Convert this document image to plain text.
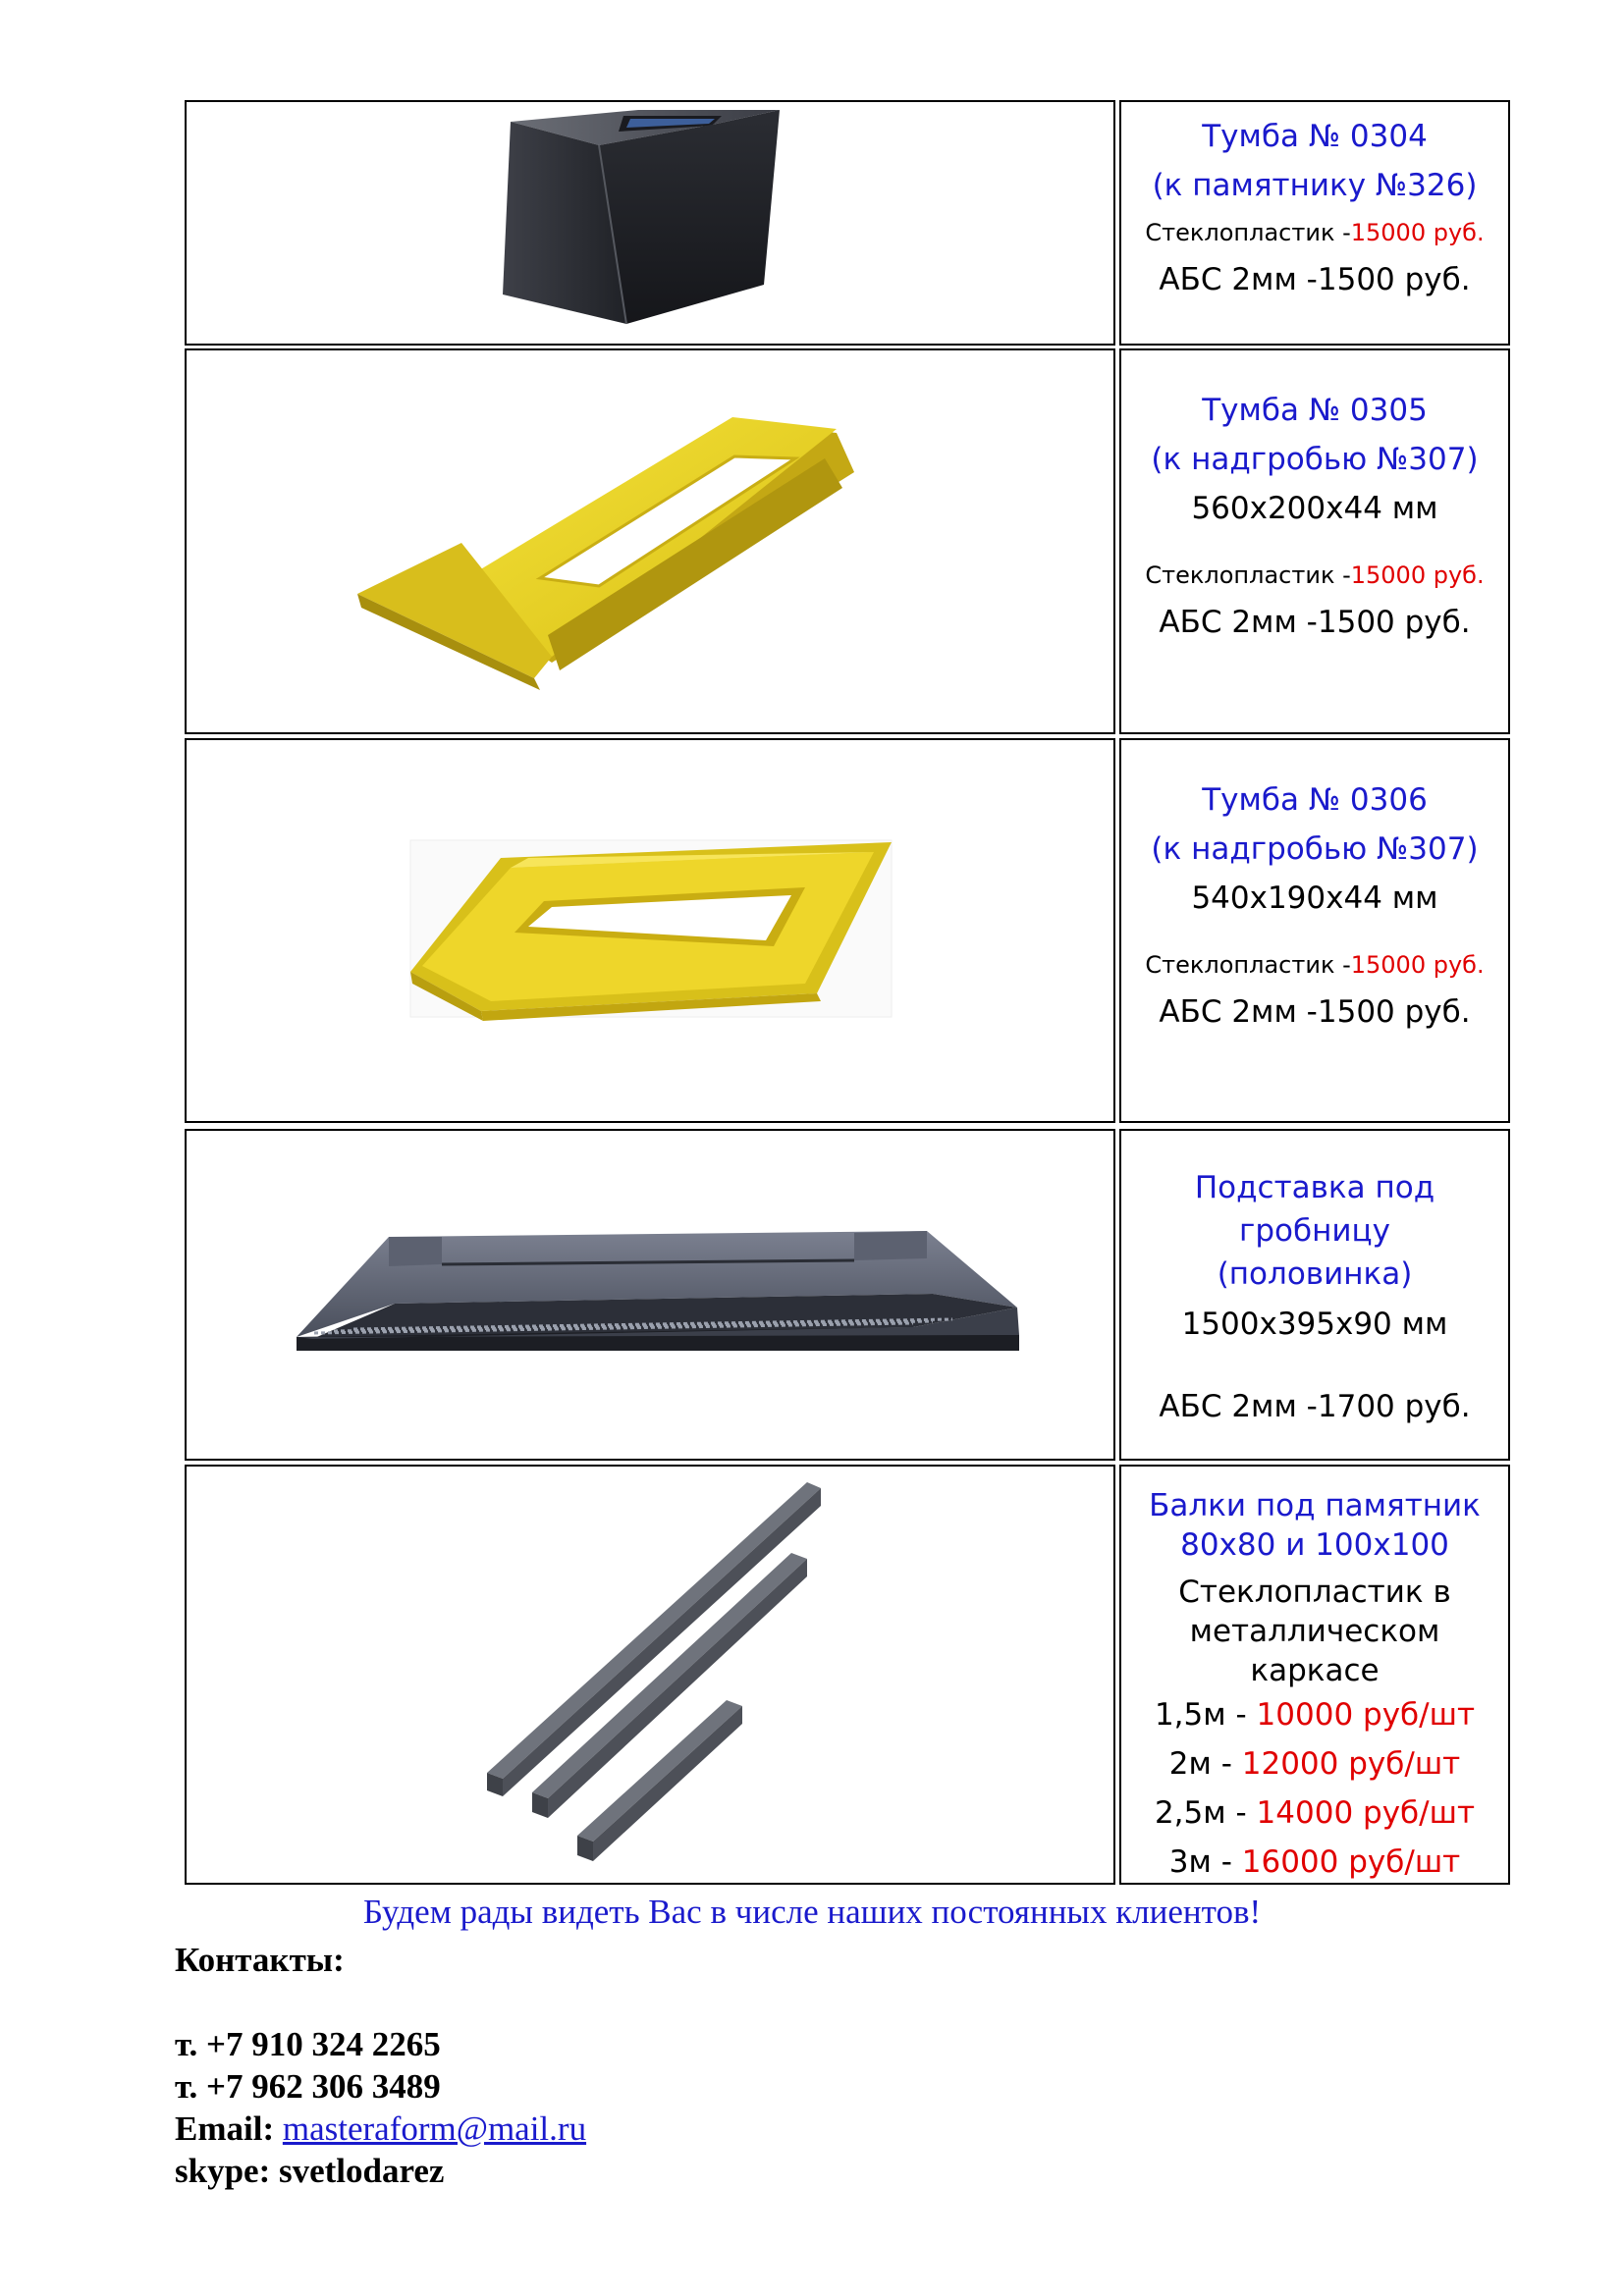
Тумба № 0304
(к памятнику №326)
Стеклопластик -15000 руб.
АБС 2мм -1500 руб.
Тумба № 0305
(к надгробью №307)
560х200х44 мм
Стеклопластик -15000 руб.
АБС 2мм -1500 руб.
Тумба № 0306
(к надгробью №307)
540х190х44 мм
Стеклопластик -15000 руб.
АБС 2мм -1500 руб.
Подставка под гробницу
(половинка)
1500х395х90 мм
АБС 2мм -1700 руб.
Балки под памятник
80х80 и 100х100
Стеклопластик в
металлическом каркасе
1,5м - 10000 руб/шт
2м - 12000 руб/шт
2,5м - 14000 руб/шт
3м - 16000 руб/шт
Будем рады видеть Вас в числе наших постоянных клиентов!
Контакты:
т. +7 910 324 2265
т. +7 962 306 3489
Email: masteraform@mail.ru
skype: svetlodarez
